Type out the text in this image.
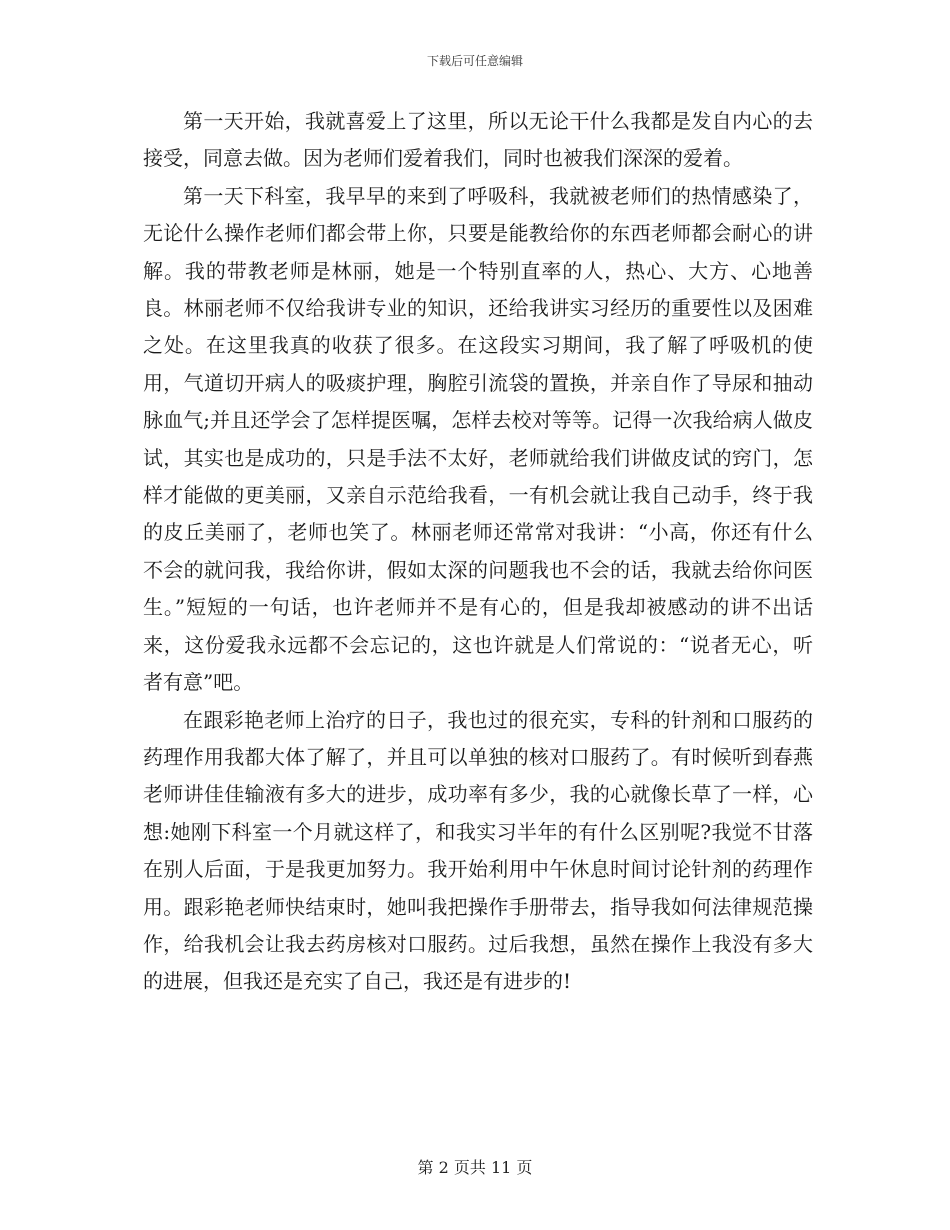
下载后可任意编辑

第一天开始，我就喜爱上了这里，所以无论干什么我都是发自内心的去接受，同意去做。因为老师们爱着我们，同时也被我们深深的爱着。

第一天下科室，我早早的来到了呼吸科，我就被老师们的热情感染了，无论什么操作老师们都会带上你，只要是能教给你的东西老师都会耐心的讲解。我的带教老师是林丽，她是一个特别直率的人，热心、大方、心地善良。林丽老师不仅给我讲专业的知识，还给我讲实习经历的重要性以及困难之处。在这里我真的收获了很多。在这段实习期间，我了解了呼吸机的使用，气道切开病人的吸痰护理，胸腔引流袋的置换，并亲自作了导尿和抽动脉血气;并且还学会了怎样提医嘱，怎样去校对等等。记得一次我给病人做皮试，其实也是成功的，只是手法不太好，老师就给我们讲做皮试的窍门，怎样才能做的更美丽，又亲自示范给我看，一有机会就让我自己动手，终于我的皮丘美丽了，老师也笑了。林丽老师还常常对我讲：“小高，你还有什么不会的就问我，我给你讲，假如太深的问题我也不会的话，我就去给你问医生。”短短的一句话，也许老师并不是有心的，但是我却被感动的讲不出话来，这份爱我永远都不会忘记的，这也许就是人们常说的：“说者无心，听者有意”吧。

在跟彩艳老师上治疗的日子，我也过的很充实，专科的针剂和口服药的药理作用我都大体了解了，并且可以单独的核对口服药了。有时候听到春燕老师讲佳佳输液有多大的进步，成功率有多少，我的心就像长草了一样，心想:她刚下科室一个月就这样了，和我实习半年的有什么区别呢?我觉不甘落在别人后面，于是我更加努力。我开始利用中午休息时间讨论针剂的药理作用。跟彩艳老师快结束时，她叫我把操作手册带去，指导我如何法律规范操作，给我机会让我去药房核对口服药。过后我想，虽然在操作上我没有多大的进展，但我还是充实了自己，我还是有进步的!

第 2 页共 11 页
